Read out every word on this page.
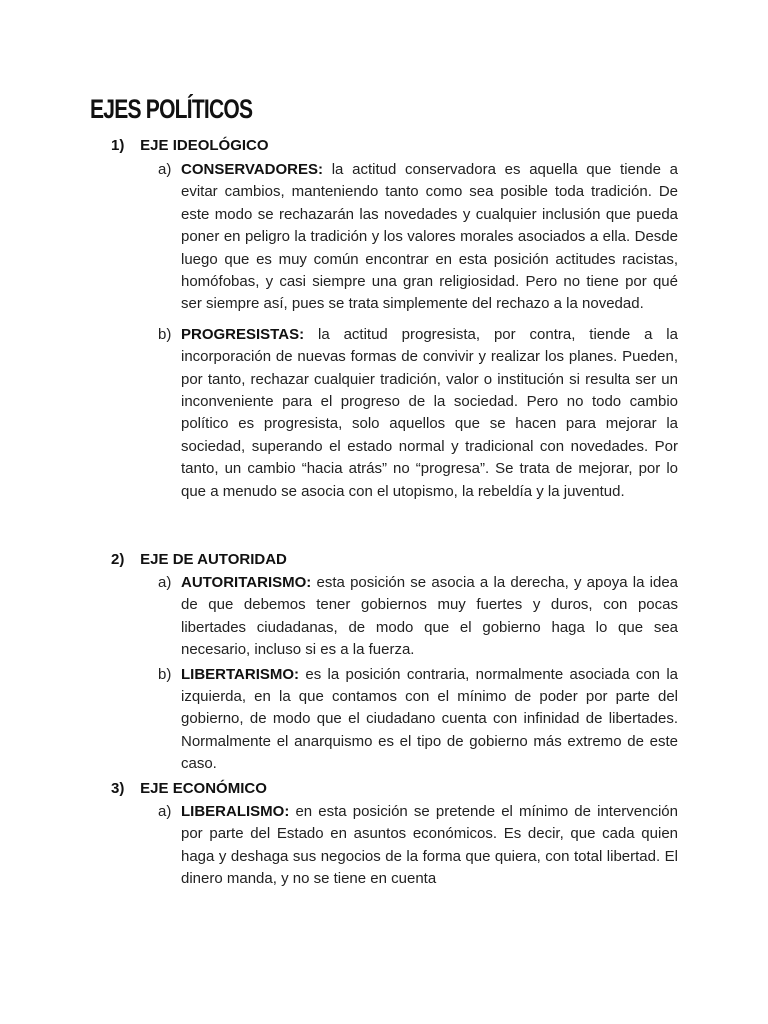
EJES POLÍTICOS
1) EJE IDEOLÓGICO
a) CONSERVADORES: la actitud conservadora es aquella que tiende a evitar cambios, manteniendo tanto como sea posible toda tradición. De este modo se rechazarán las novedades y cualquier inclusión que pueda poner en peligro la tradición y los valores morales asociados a ella. Desde luego que es muy común encontrar en esta posición actitudes racistas, homófobas, y casi siempre una gran religiosidad. Pero no tiene por qué ser siempre así, pues se trata simplemente del rechazo a la novedad.

b) PROGRESISTAS: la actitud progresista, por contra, tiende a la incorporación de nuevas formas de convivir y realizar los planes. Pueden, por tanto, rechazar cualquier tradición, valor o institución si resulta ser un inconveniente para el progreso de la sociedad. Pero no todo cambio político es progresista, solo aquellos que se hacen para mejorar la sociedad, superando el estado normal y tradicional con novedades. Por tanto, un cambio “hacia atrás” no “progresa”. Se trata de mejorar, por lo que a menudo se asocia con el utopismo, la rebeldía y la juventud.

2) EJE DE AUTORIDAD
a) AUTORITARISMO: esta posición se asocia a la derecha, y apoya la idea de que debemos tener gobiernos muy fuertes y duros, con pocas libertades ciudadanas, de modo que el gobierno haga lo que sea necesario, incluso si es a la fuerza.

b) LIBERTARISMO: es la posición contraria, normalmente asociada con la izquierda, en la que contamos con el mínimo de poder por parte del gobierno, de modo que el ciudadano cuenta con infinidad de libertades. Normalmente el anarquismo es el tipo de gobierno más extremo de este caso.

3) EJE ECONÓMICO
a) LIBERALISMO: en esta posición se pretende el mínimo de intervención por parte del Estado en asuntos económicos. Es decir, que cada quien haga y deshaga sus negocios de la forma que quiera, con total libertad. El dinero manda, y no se tiene en cuenta
